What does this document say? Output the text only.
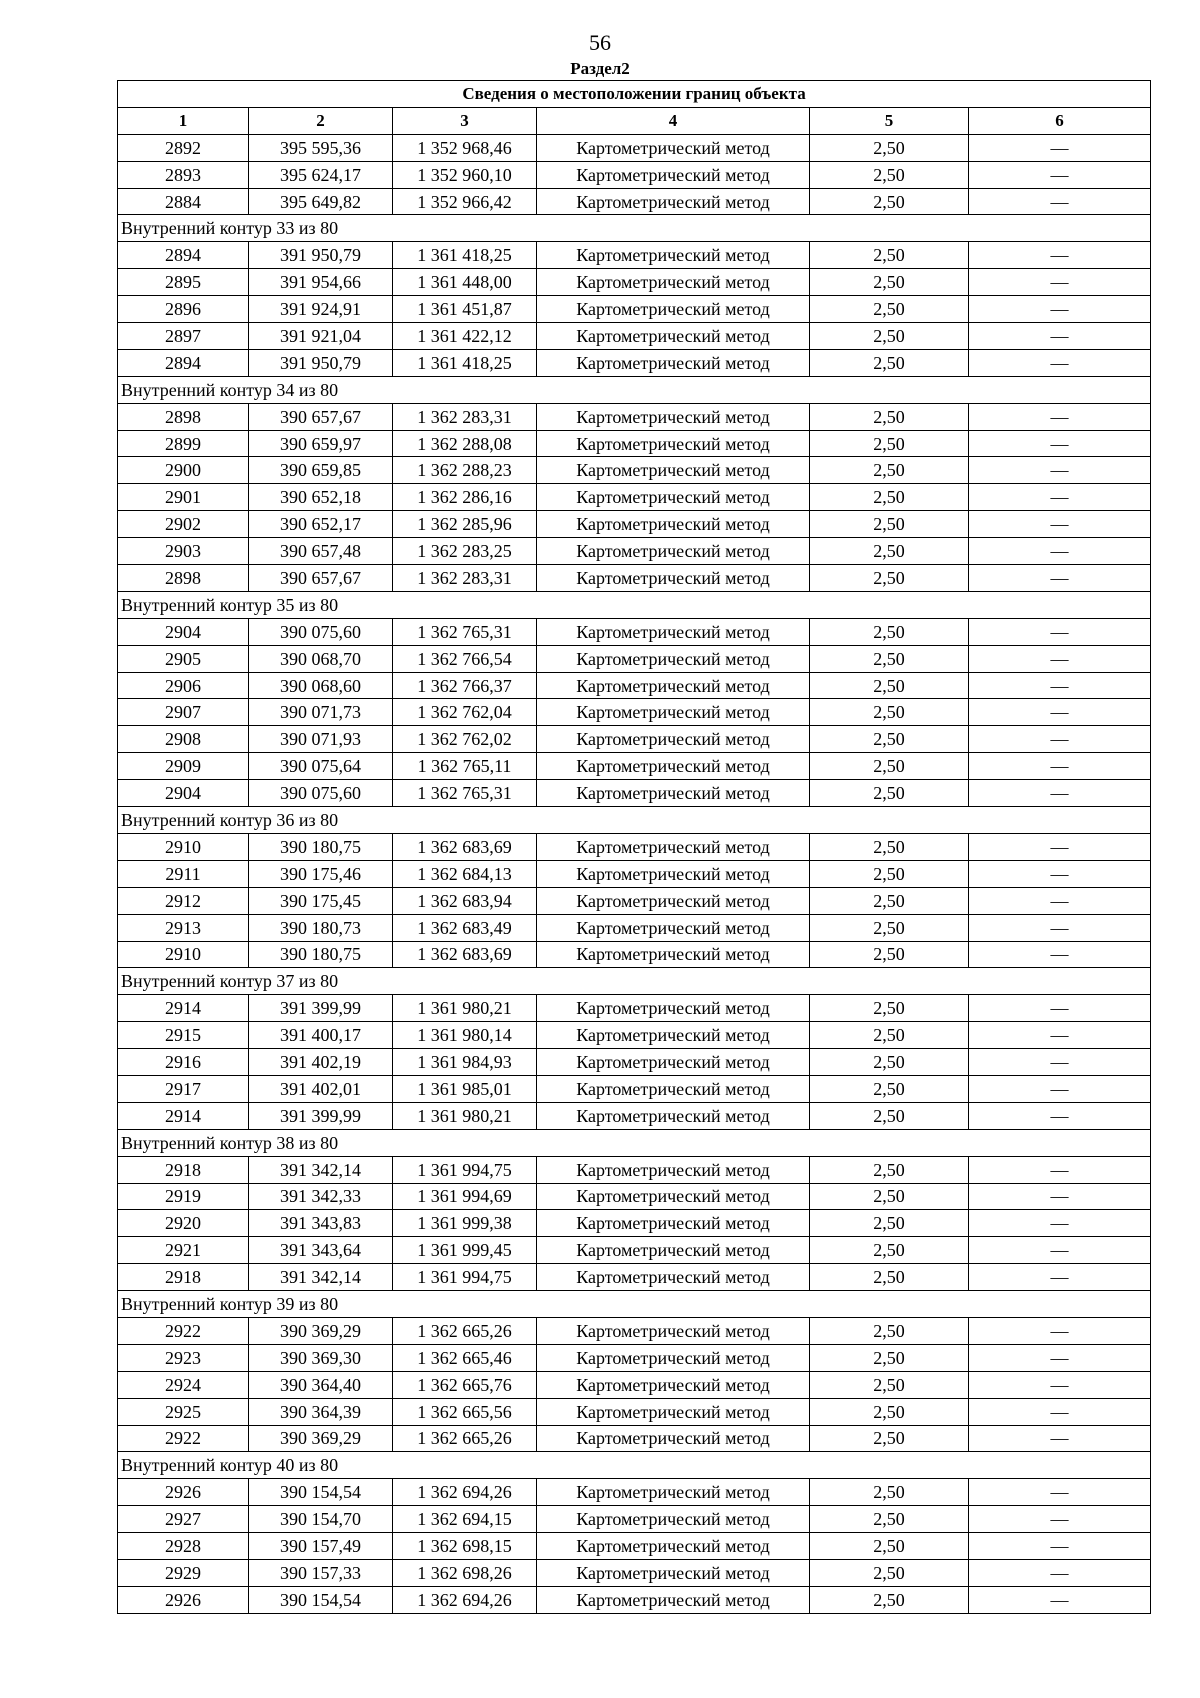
56
Раздел2
Сведения о местоположении границ объекта					
1	2	3	4	5	6
2892	395 595,36	1 352 968,46	Картометрический метод	2,50	—
2893	395 624,17	1 352 960,10	Картометрический метод	2,50	—
2884	395 649,82	1 352 966,42	Картометрический метод	2,50	—
Внутренний контур 33 из 80					
2894	391 950,79	1 361 418,25	Картометрический метод	2,50	—
2895	391 954,66	1 361 448,00	Картометрический метод	2,50	—
2896	391 924,91	1 361 451,87	Картометрический метод	2,50	—
2897	391 921,04	1 361 422,12	Картометрический метод	2,50	—
2894	391 950,79	1 361 418,25	Картометрический метод	2,50	—
Внутренний контур 34 из 80					
2898	390 657,67	1 362 283,31	Картометрический метод	2,50	—
2899	390 659,97	1 362 288,08	Картометрический метод	2,50	—
2900	390 659,85	1 362 288,23	Картометрический метод	2,50	—
2901	390 652,18	1 362 286,16	Картометрический метод	2,50	—
2902	390 652,17	1 362 285,96	Картометрический метод	2,50	—
2903	390 657,48	1 362 283,25	Картометрический метод	2,50	—
2898	390 657,67	1 362 283,31	Картометрический метод	2,50	—
Внутренний контур 35 из 80					
2904	390 075,60	1 362 765,31	Картометрический метод	2,50	—
2905	390 068,70	1 362 766,54	Картометрический метод	2,50	—
2906	390 068,60	1 362 766,37	Картометрический метод	2,50	—
2907	390 071,73	1 362 762,04	Картометрический метод	2,50	—
2908	390 071,93	1 362 762,02	Картометрический метод	2,50	—
2909	390 075,64	1 362 765,11	Картометрический метод	2,50	—
2904	390 075,60	1 362 765,31	Картометрический метод	2,50	—
Внутренний контур 36 из 80					
2910	390 180,75	1 362 683,69	Картометрический метод	2,50	—
2911	390 175,46	1 362 684,13	Картометрический метод	2,50	—
2912	390 175,45	1 362 683,94	Картометрический метод	2,50	—
2913	390 180,73	1 362 683,49	Картометрический метод	2,50	—
2910	390 180,75	1 362 683,69	Картометрический метод	2,50	—
Внутренний контур 37 из 80					
2914	391 399,99	1 361 980,21	Картометрический метод	2,50	—
2915	391 400,17	1 361 980,14	Картометрический метод	2,50	—
2916	391 402,19	1 361 984,93	Картометрический метод	2,50	—
2917	391 402,01	1 361 985,01	Картометрический метод	2,50	—
2914	391 399,99	1 361 980,21	Картометрический метод	2,50	—
Внутренний контур 38 из 80					
2918	391 342,14	1 361 994,75	Картометрический метод	2,50	—
2919	391 342,33	1 361 994,69	Картометрический метод	2,50	—
2920	391 343,83	1 361 999,38	Картометрический метод	2,50	—
2921	391 343,64	1 361 999,45	Картометрический метод	2,50	—
2918	391 342,14	1 361 994,75	Картометрический метод	2,50	—
Внутренний контур 39 из 80					
2922	390 369,29	1 362 665,26	Картометрический метод	2,50	—
2923	390 369,30	1 362 665,46	Картометрический метод	2,50	—
2924	390 364,40	1 362 665,76	Картометрический метод	2,50	—
2925	390 364,39	1 362 665,56	Картометрический метод	2,50	—
2922	390 369,29	1 362 665,26	Картометрический метод	2,50	—
Внутренний контур 40 из 80					
2926	390 154,54	1 362 694,26	Картометрический метод	2,50	—
2927	390 154,70	1 362 694,15	Картометрический метод	2,50	—
2928	390 157,49	1 362 698,15	Картометрический метод	2,50	—
2929	390 157,33	1 362 698,26	Картометрический метод	2,50	—
2926	390 154,54	1 362 694,26	Картометрический метод	2,50	—
